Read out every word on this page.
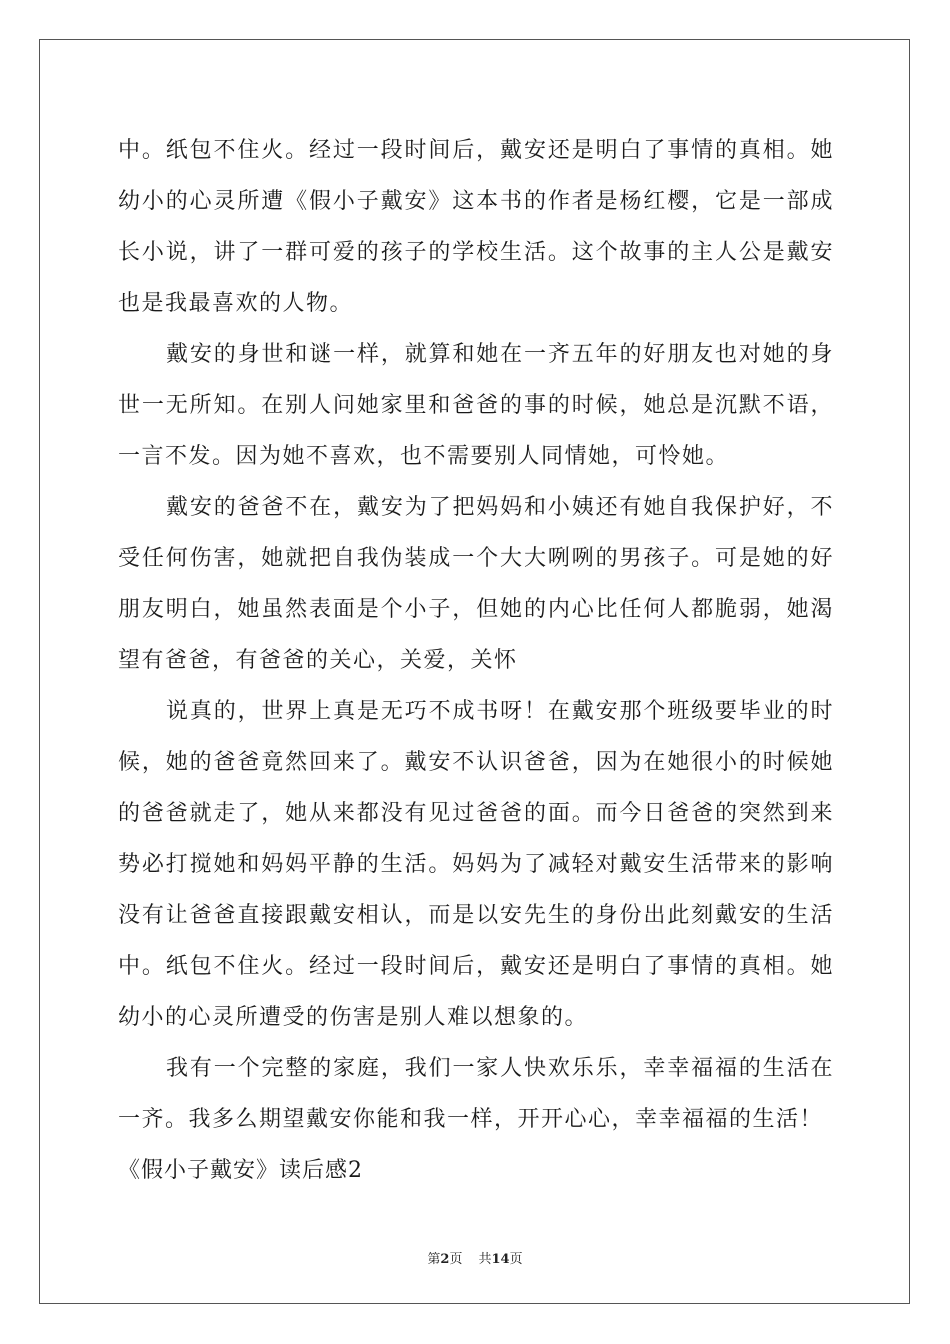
中。纸包不住火。经过一段时间后，戴安还是明白了事情的真相。她幼小的心灵所遭《假小子戴安》这本书的作者是杨红樱，它是一部成长小说，讲了一群可爱的孩子的学校生活。这个故事的主人公是戴安也是我最喜欢的人物。

戴安的身世和谜一样，就算和她在一齐五年的好朋友也对她的身世一无所知。在别人问她家里和爸爸的事的时候，她总是沉默不语，一言不发。因为她不喜欢，也不需要别人同情她，可怜她。

戴安的爸爸不在，戴安为了把妈妈和小姨还有她自我保护好，不受任何伤害，她就把自我伪装成一个大大咧咧的男孩子。可是她的好朋友明白，她虽然表面是个小子，但她的内心比任何人都脆弱，她渴望有爸爸，有爸爸的关心，关爱，关怀

说真的，世界上真是无巧不成书呀！在戴安那个班级要毕业的时候，她的爸爸竟然回来了。戴安不认识爸爸，因为在她很小的时候她的爸爸就走了，她从来都没有见过爸爸的面。而今日爸爸的突然到来势必打搅她和妈妈平静的生活。妈妈为了减轻对戴安生活带来的影响没有让爸爸直接跟戴安相认，而是以安先生的身份出此刻戴安的生活中。纸包不住火。经过一段时间后，戴安还是明白了事情的真相。她幼小的心灵所遭受的伤害是别人难以想象的。

我有一个完整的家庭，我们一家人快欢乐乐，幸幸福福的生活在一齐。我多么期望戴安你能和我一样，开开心心，幸幸福福的生活！

《假小子戴安》读后感2

第2页 共14页
